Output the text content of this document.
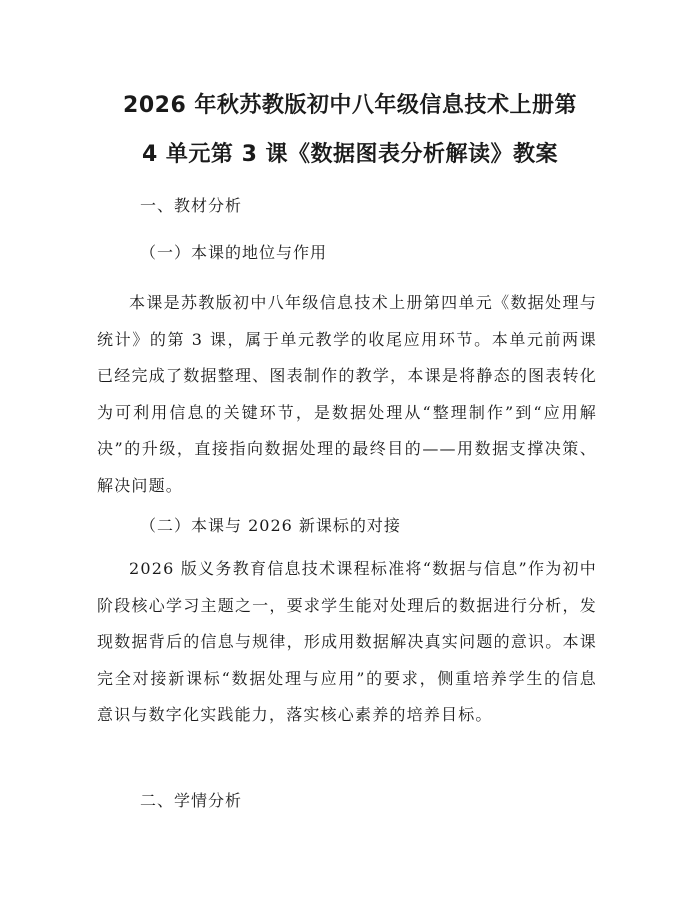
2026 年秋苏教版初中八年级信息技术上册第
4 单元第 3 课《数据图表分析解读》教案
一、教材分析
（一）本课的地位与作用

本课是苏教版初中八年级信息技术上册第四单元《数据处理与统计》的第 3 课，属于单元教学的收尾应用环节。本单元前两课已经完成了数据整理、图表制作的教学，本课是将静态的图表转化为可利用信息的关键环节，是数据处理从“整理制作”到“应用解决”的升级，直接指向数据处理的最终目的——用数据支撑决策、解决问题。

（二）本课与 2026 新课标的对接

2026 版义务教育信息技术课程标准将“数据与信息”作为初中阶段核心学习主题之一，要求学生能对处理后的数据进行分析，发现数据背后的信息与规律，形成用数据解决真实问题的意识。本课完全对接新课标“数据处理与应用”的要求，侧重培养学生的信息意识与数字化实践能力，落实核心素养的培养目标。

二、学情分析
